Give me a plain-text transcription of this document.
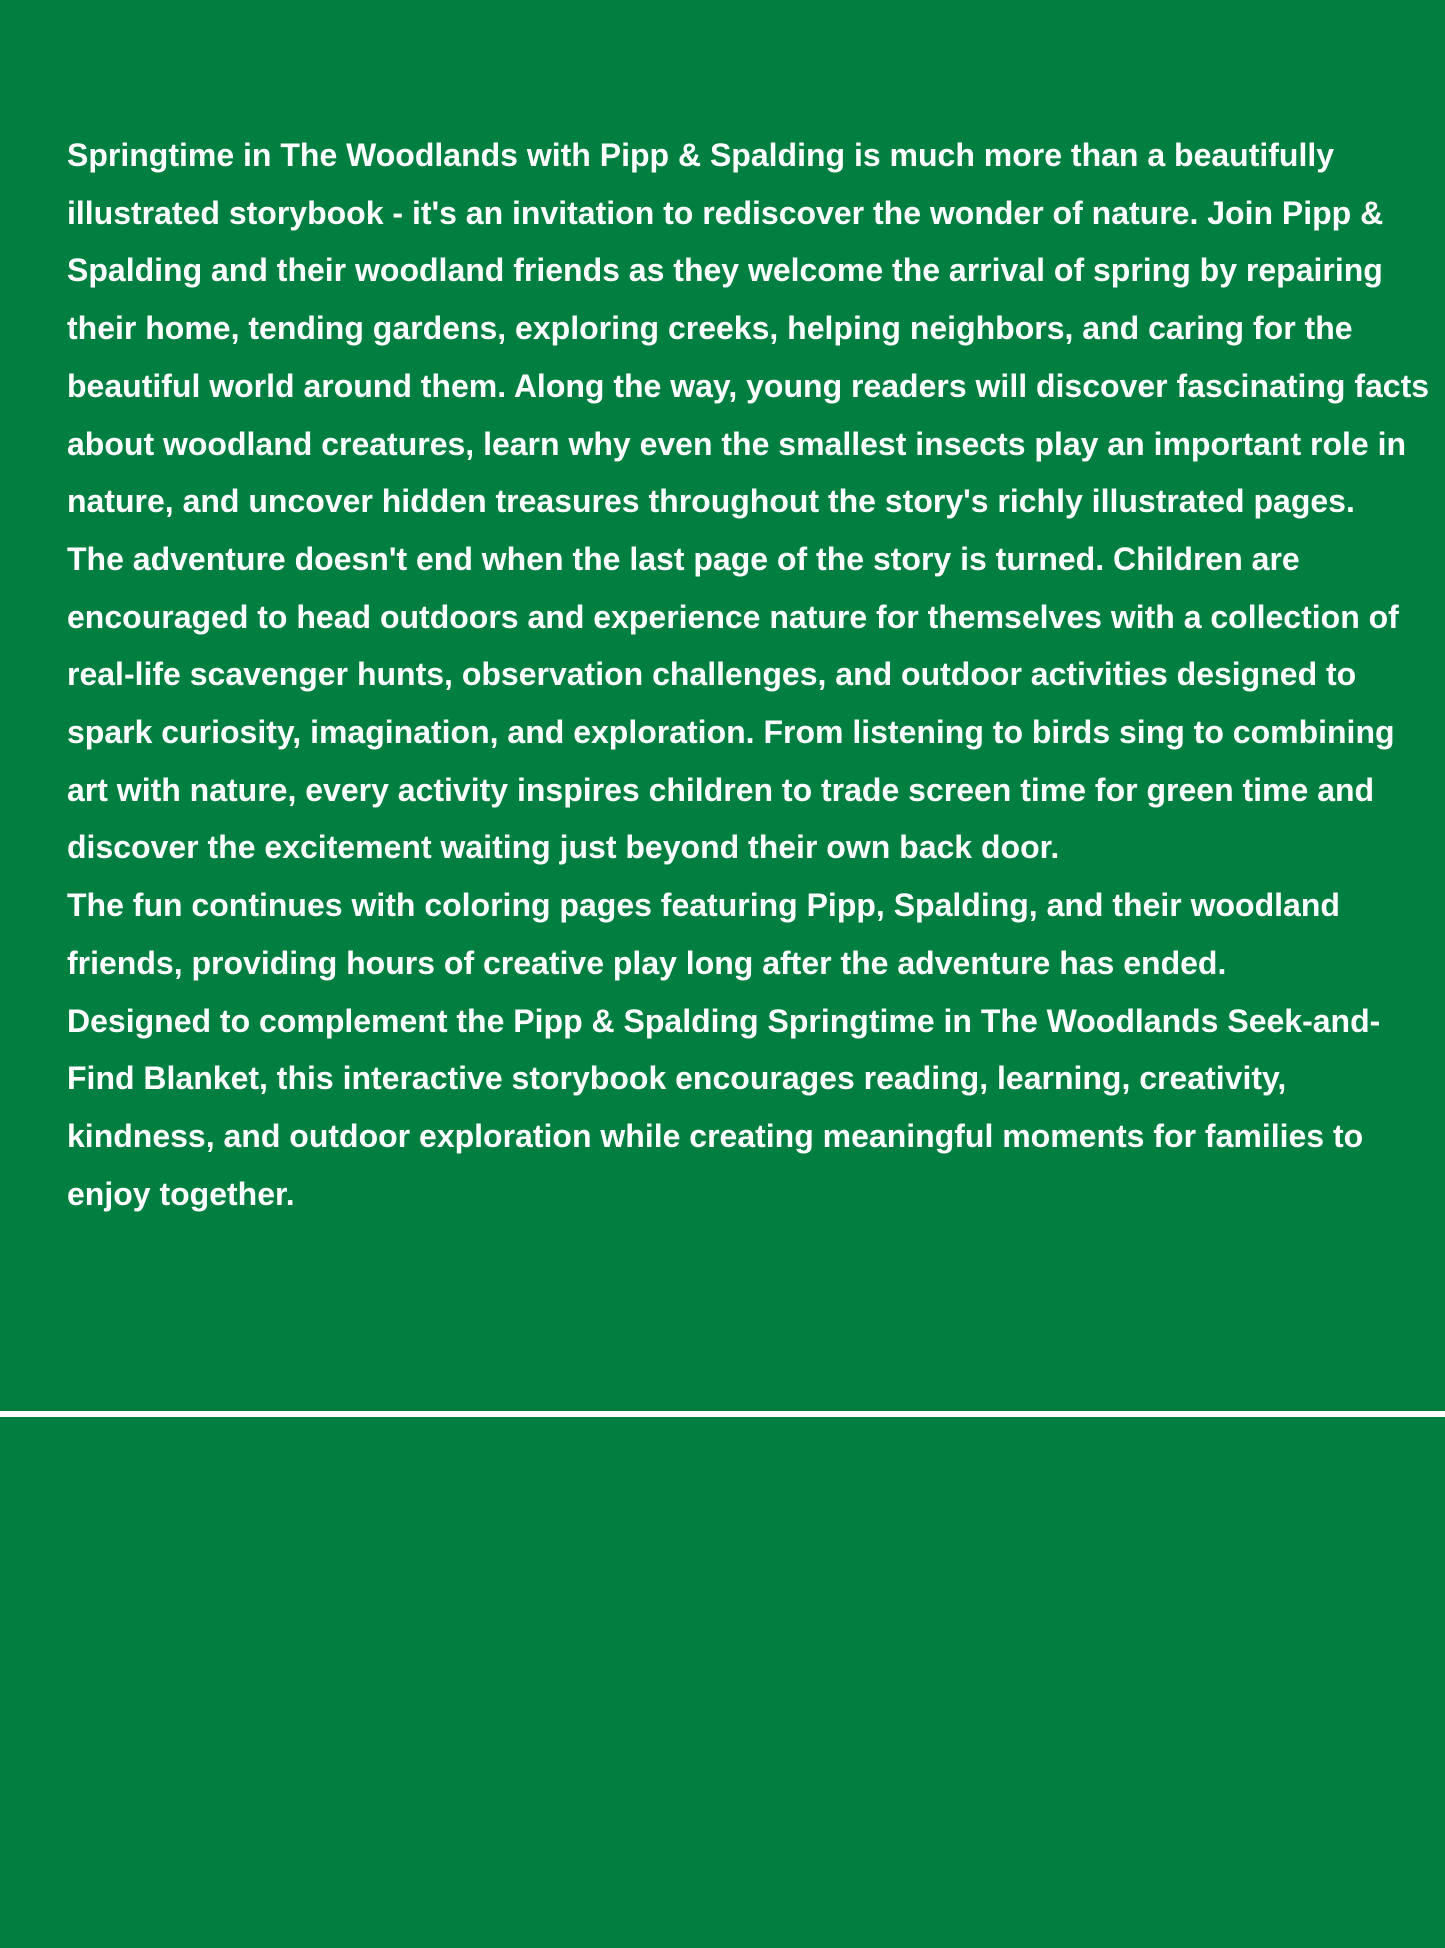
Springtime in The Woodlands with Pipp & Spalding is much more than a beautifully illustrated storybook - it's an invitation to rediscover the wonder of nature. Join Pipp & Spalding and their woodland friends as they welcome the arrival of spring by repairing their home, tending gardens, exploring creeks, helping neighbors, and caring for the beautiful world around them. Along the way, young readers will discover fascinating facts about woodland creatures, learn why even the smallest insects play an important role in nature, and uncover hidden treasures throughout the story's richly illustrated pages.

The adventure doesn't end when the last page of the story is turned. Children are encouraged to head outdoors and experience nature for themselves with a collection of real-life scavenger hunts, observation challenges, and outdoor activities designed to spark curiosity, imagination, and exploration. From listening to birds sing to combining art with nature, every activity inspires children to trade screen time for green time and discover the excitement waiting just beyond their own back door.

The fun continues with coloring pages featuring Pipp, Spalding, and their woodland friends, providing hours of creative play long after the adventure has ended.

Designed to complement the Pipp & Spalding Springtime in The Woodlands Seek-and-Find Blanket, this interactive storybook encourages reading, learning, creativity, kindness, and outdoor exploration while creating meaningful moments for families to enjoy together.
